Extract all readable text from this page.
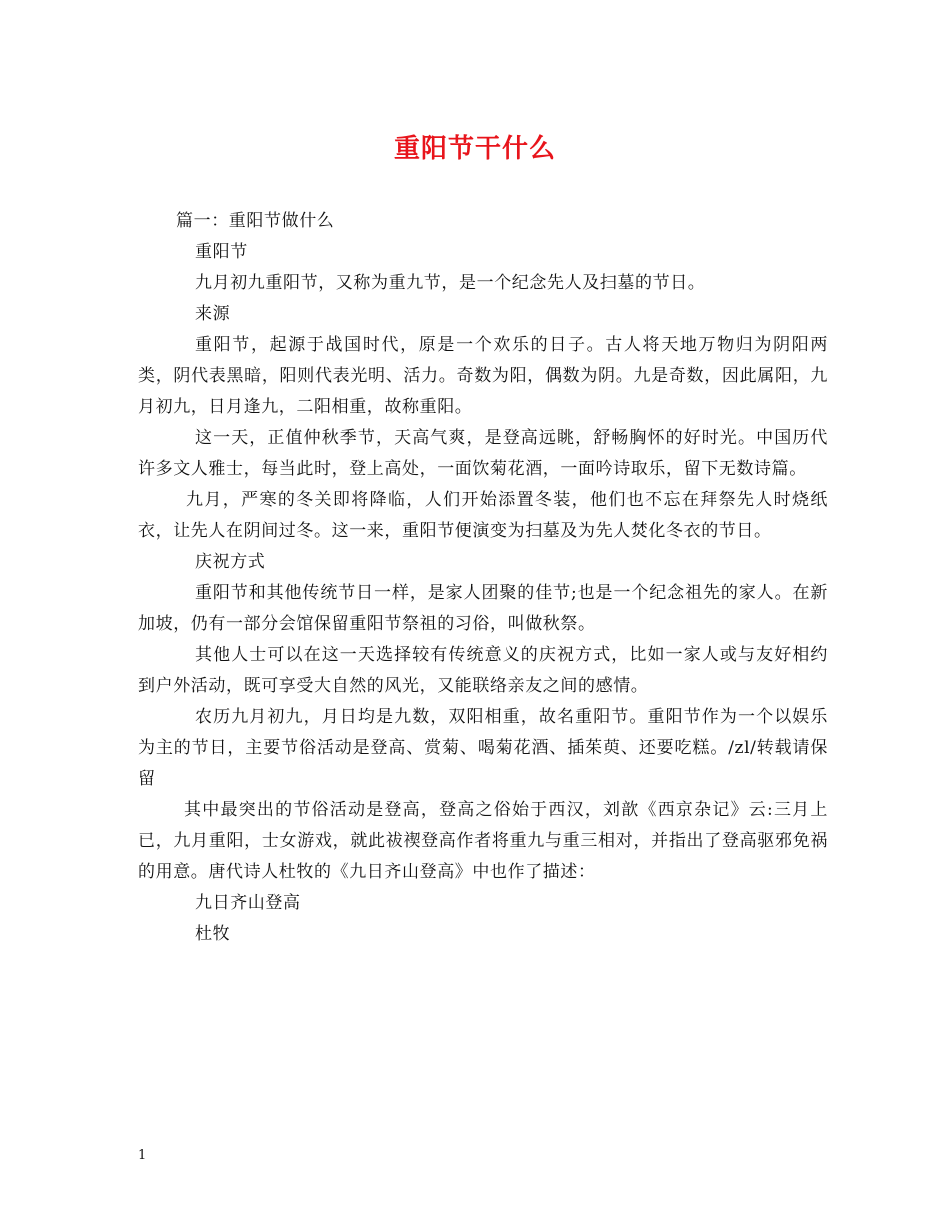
重阳节干什么

篇一：重阳节做什么

重阳节

九月初九重阳节，又称为重九节，是一个纪念先人及扫墓的节日。

来源

重阳节，起源于战国时代，原是一个欢乐的日子。古人将天地万物归为阴阳两类，阴代表黑暗，阳则代表光明、活力。奇数为阳，偶数为阴。九是奇数，因此属阳，九月初九，日月逢九，二阳相重，故称重阳。

这一天，正值仲秋季节，天高气爽，是登高远眺，舒畅胸怀的好时光。中国历代许多文人雅士，每当此时，登上高处，一面饮菊花酒，一面吟诗取乐，留下无数诗篇。

九月，严寒的冬关即将降临，人们开始添置冬装，他们也不忘在拜祭先人时烧纸衣，让先人在阴间过冬。这一来，重阳节便演变为扫墓及为先人焚化冬衣的节日。

庆祝方式

重阳节和其他传统节日一样，是家人团聚的佳节;也是一个纪念祖先的家人。在新加坡，仍有一部分会馆保留重阳节祭祖的习俗，叫做秋祭。

其他人士可以在这一天选择较有传统意义的庆祝方式，比如一家人或与友好相约到户外活动，既可享受大自然的风光，又能联络亲友之间的感情。

农历九月初九，月日均是九数，双阳相重，故名重阳节。重阳节作为一个以娱乐为主的节日，主要节俗活动是登高、赏菊、喝菊花酒、插茱萸、还要吃糕。/zl/转载请保留

其中最突出的节俗活动是登高，登高之俗始于西汉，刘歆《西京杂记》云:三月上已，九月重阳，士女游戏，就此祓禊登高作者将重九与重三相对，并指出了登高驱邪免祸的用意。唐代诗人杜牧的《九日齐山登高》中也作了描述：

九日齐山登高

杜牧

1
